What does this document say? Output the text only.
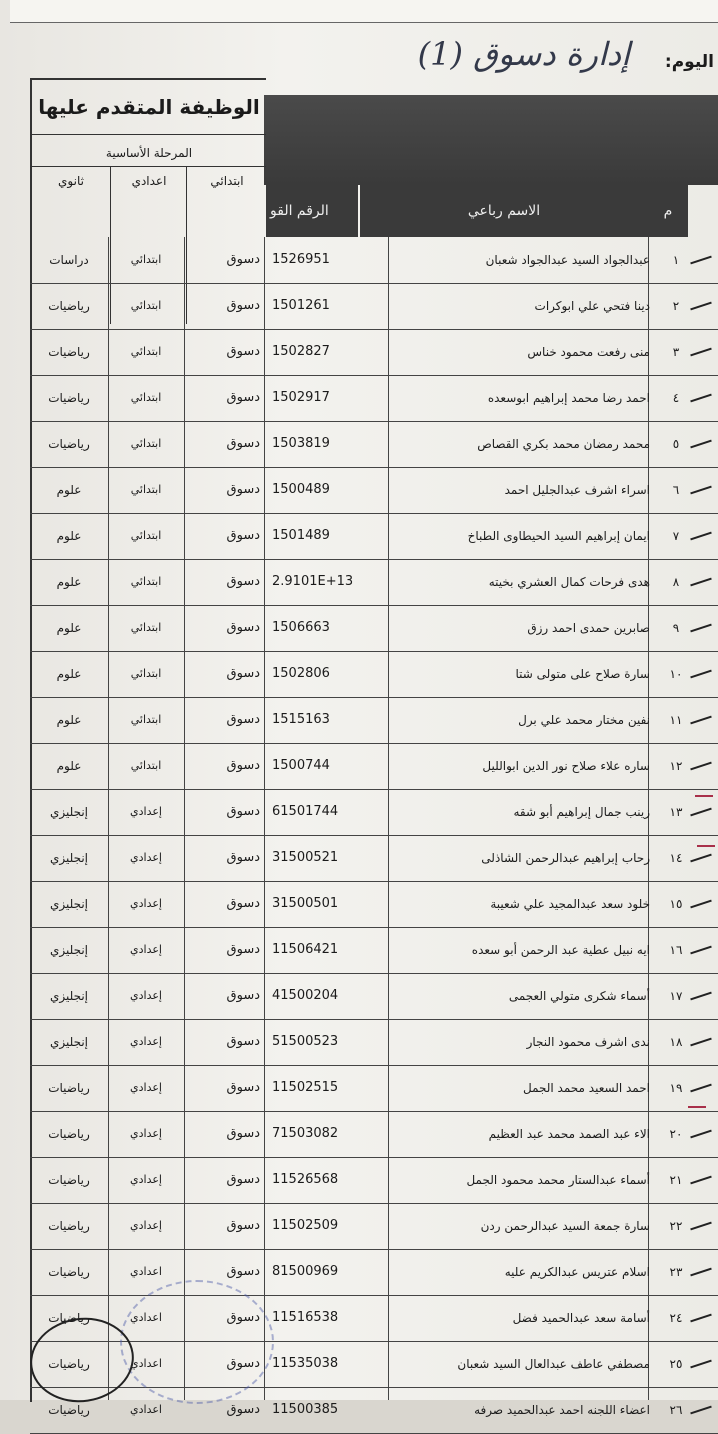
إدارة دسوق (1) اليوم:
الوظيفة المتقدم عليها
المرحلة الأساسية
ثانوي	اعدادي	ابتدائي
الرقم القو	الاسم رباعي	م
دراسات	ابتدائي	دسوق 1526951	عبدالجواد السيد عبدالجواد شعبان	١
رياضيات	ابتدائي	دسوق 1501261	دينا فتحي علي ابوكرات	٢
رياضيات	ابتدائي	دسوق 1502827	منى رفعت محمود خناس	٣
رياضيات	ابتدائي	دسوق 1502917	احمد رضا محمد إبراهيم ابوسعده	٤
رياضيات	ابتدائي	دسوق 1503819	محمد رمضان محمد بكري القصاص	٥
علوم	ابتدائي	دسوق 1500489	اسراء اشرف عبدالجليل احمد	٦
علوم	ابتدائي	دسوق 1501489	ايمان إبراهيم السيد الحيطاوى الطباخ	٧
علوم	ابتدائي	دسوق 2.9101E+13	هدى فرحات كمال العشري بخيته	٨
علوم	ابتدائي	دسوق 1506663	صابرين حمدى احمد رزق	٩
علوم	ابتدائي	دسوق 1502806	سارة صلاح على متولى شتا	١٠
علوم	ابتدائي	دسوق 1515163	نفين مختار محمد علي برل	١١
علوم	ابتدائي	دسوق 1500744	ساره علاء صلاح نور الدين ابوالليل	١٢
إنجليزي	إعدادي	دسوق 61501744	زينب جمال إبراهيم أبو شقه	١٣
إنجليزي	إعدادي	دسوق 31500521	رحاب إبراهيم عبدالرحمن الشاذلى	١٤
إنجليزي	إعدادي	دسوق 31500501	خلود سعد عبدالمجيد علي شعيبة	١٥
إنجليزي	إعدادي	دسوق 11506421	ايه نبيل عطية عبد الرحمن أبو سعده	١٦
إنجليزي	إعدادي	دسوق 41500204	أسماء شكرى متولي العجمى	١٧
إنجليزي	إعدادي	دسوق 51500523	ندى اشرف محمود النجار	١٨
رياضيات	إعدادي	دسوق 11502515	احمد السعيد محمد الجمل	١٩
رياضيات	إعدادي	دسوق 71503082	الاء عبد الصمد محمد عبد العظيم	٢٠
رياضيات	إعدادي	دسوق 11526568	أسماء عبدالستار محمد محمود الجمل	٢١
رياضيات	إعدادي	دسوق 11502509	سارة جمعة السيد عبدالرحمن ردن	٢٢
رياضيات	اعدادي	دسوق 81500969	اسلام عتريس عبدالكريم عليه	٢٣
رياضيات	اعدادي	دسوق 11516538	أسامة سعد عبدالحميد فضل	٢٤
رياضيات	اعدادي	دسوق 11535038	مصطفي عاطف عبدالعال السيد شعبان	٢٥
رياضيات	اعدادي	دسوق 11500385	اعضاء اللجنه احمد عبدالحميد صرفه	٢٦
